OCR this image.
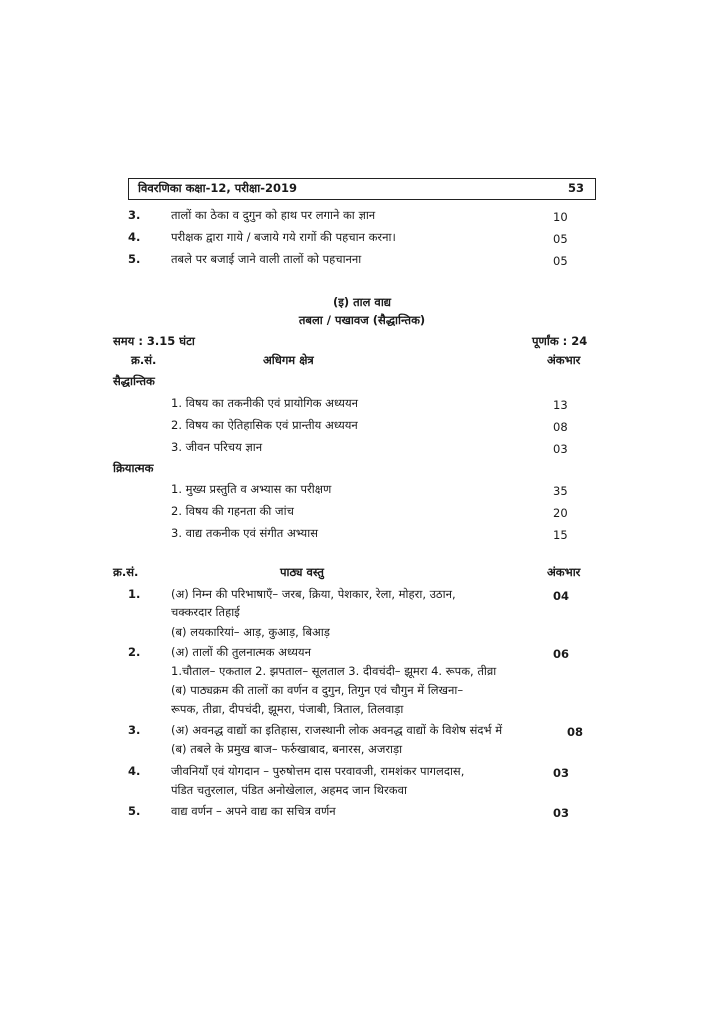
विवरणिका कक्षा-12, परीक्षा-2019	53
3.	तालों का ठेका व दुगुन को हाथ पर लगाने का ज्ञान	10
4.	परीक्षक द्वारा गाये / बजाये गये रागों की पहचान करना।	05
5.	तबले पर बजाई जाने वाली तालों को पहचानना	05
(इ) ताल वाद्य
तबला / पखावज (सैद्धान्तिक)
समय : 3.15 घंटा	पूर्णांक : 24
क्र.सं.	अधिगम क्षेत्र	अंकभार
सैद्धान्तिक
1. विषय का तकनीकी एवं प्रायोगिक अध्ययन	13
2. विषय का ऐतिहासिक एवं प्रान्तीय अध्ययन	08
3. जीवन परिचय ज्ञान	03
क्रियात्मक
1. मुख्य प्रस्तुति व अभ्यास का परीक्षण	35
2. विषय की गहनता की जांच	20
3. वाद्य तकनीक एवं संगीत अभ्यास	15
क्र.सं.	पाठ्य वस्तु	अंकभार
1.	(अ) निम्न की परिभाषाएँ– जरब, क्रिया, पेशकार, रेला, मोहरा, उठान,	04
चक्करदार तिहाई
(ब) लयकारियां– आड़, कुआड़, बिआड़
2.	(अ) तालों की तुलनात्मक अध्ययन	06
1.चौताल– एकताल 2. झपताल– सूलताल 3. दीवचंदी– झूमरा 4. रूपक, तीव्रा
(ब) पाठ्यक्रम की तालों का वर्णन व दुगुन, तिगुन एवं चौगुन में लिखना–
रूपक, तीव्रा, दीपचंदी, झूमरा, पंजाबी, त्रिताल, तिलवाड़ा
3.	(अ) अवनद्ध वाद्यों का इतिहास, राजस्थानी लोक अवनद्ध वाद्यों के विशेष संदर्भ में	08
(ब) तबले के प्रमुख बाज– फर्रुखाबाद, बनारस, अजराड़ा
4.	जीवनियाँ एवं योगदान – पुरुषोत्तम दास परवावजी, रामशंकर पागलदास,	03
पंडित चतुरलाल, पंडित अनोखेलाल, अहमद जान थिरकवा
5.	वाद्य वर्णन – अपने वाद्य का सचित्र वर्णन	03
